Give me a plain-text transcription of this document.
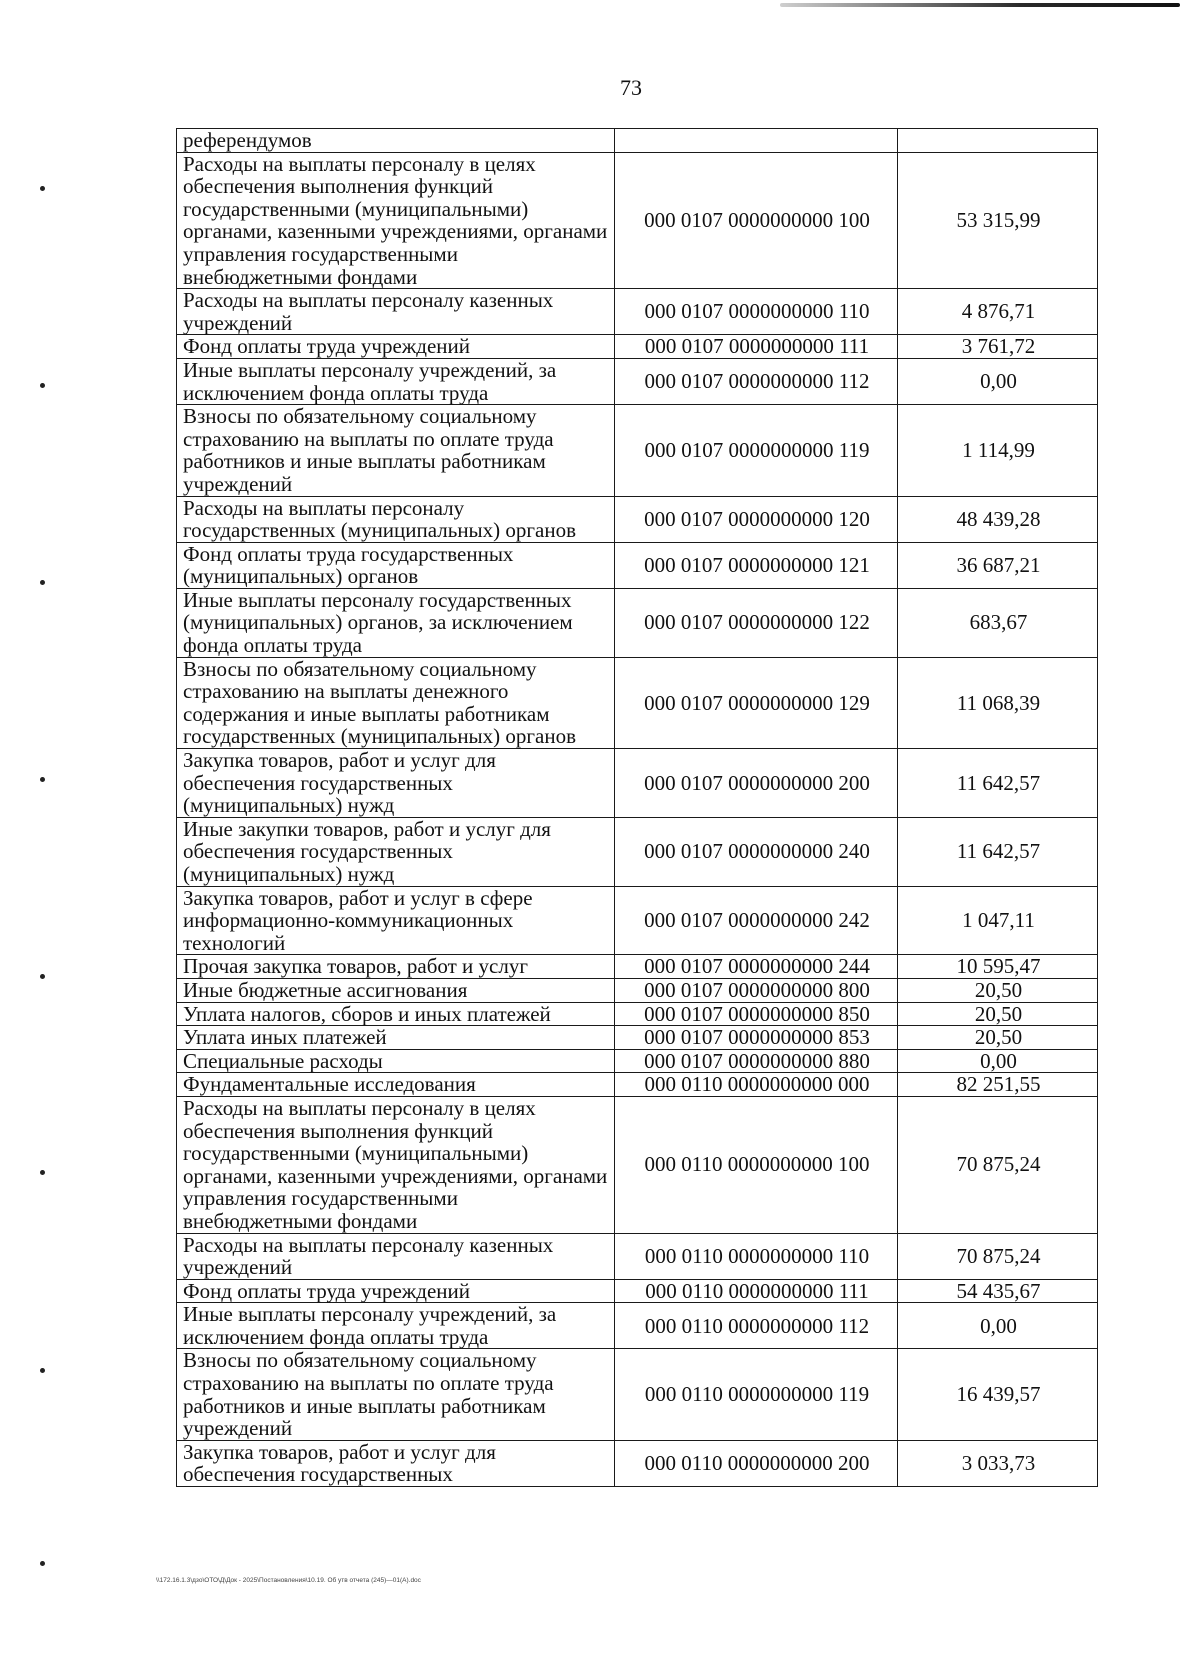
73
референдумов		
Расходы на выплаты персоналу в целях обеспечения выполнения функций государственными (муниципальными) органами, казенными учреждениями, органами управления государственными внебюджетными фондами	000 0107 0000000000 100	53 315,99
Расходы на выплаты персоналу казенных учреждений	000 0107 0000000000 110	4 876,71
Фонд оплаты труда учреждений	000 0107 0000000000 111	3 761,72
Иные выплаты персоналу учреждений, за исключением фонда оплаты труда	000 0107 0000000000 112	0,00
Взносы по обязательному социальному страхованию на выплаты по оплате труда работников и иные выплаты работникам учреждений	000 0107 0000000000 119	1 114,99
Расходы на выплаты персоналу государственных (муниципальных) органов	000 0107 0000000000 120	48 439,28
Фонд оплаты труда государственных (муниципальных) органов	000 0107 0000000000 121	36 687,21
Иные выплаты персоналу государственных (муниципальных) органов, за исключением фонда оплаты труда	000 0107 0000000000 122	683,67
Взносы по обязательному социальному страхованию на выплаты денежного содержания и иные выплаты работникам государственных (муниципальных) органов	000 0107 0000000000 129	11 068,39
Закупка товаров, работ и услуг для обеспечения государственных (муниципальных) нужд	000 0107 0000000000 200	11 642,57
Иные закупки товаров, работ и услуг для обеспечения государственных (муниципальных) нужд	000 0107 0000000000 240	11 642,57
Закупка товаров, работ и услуг в сфере информационно-коммуникационных технологий	000 0107 0000000000 242	1 047,11
Прочая закупка товаров, работ и услуг	000 0107 0000000000 244	10 595,47
Иные бюджетные ассигнования	000 0107 0000000000 800	20,50
Уплата налогов, сборов и иных платежей	000 0107 0000000000 850	20,50
Уплата иных платежей	000 0107 0000000000 853	20,50
Специальные расходы	000 0107 0000000000 880	0,00
Фундаментальные исследования	000 0110 0000000000 000	82 251,55
Расходы на выплаты персоналу в целях обеспечения выполнения функций государственными (муниципальными) органами, казенными учреждениями, органами управления государственными внебюджетными фондами	000 0110 0000000000 100	70 875,24
Расходы на выплаты персоналу казенных учреждений	000 0110 0000000000 110	70 875,24
Фонд оплаты труда учреждений	000 0110 0000000000 111	54 435,67
Иные выплаты персоналу учреждений, за исключением фонда оплаты труда	000 0110 0000000000 112	0,00
Взносы по обязательному социальному страхованию на выплаты по оплате труда работников и иные выплаты работникам учреждений	000 0110 0000000000 119	16 439,57
Закупка товаров, работ и услуг для обеспечения государственных	000 0110 0000000000 200	3 033,73
\\172.16.1.3\дзо\ОТО\Д\Док - 2025\Постановления\10.19. Об утв отчета (245)—01(А).doc
